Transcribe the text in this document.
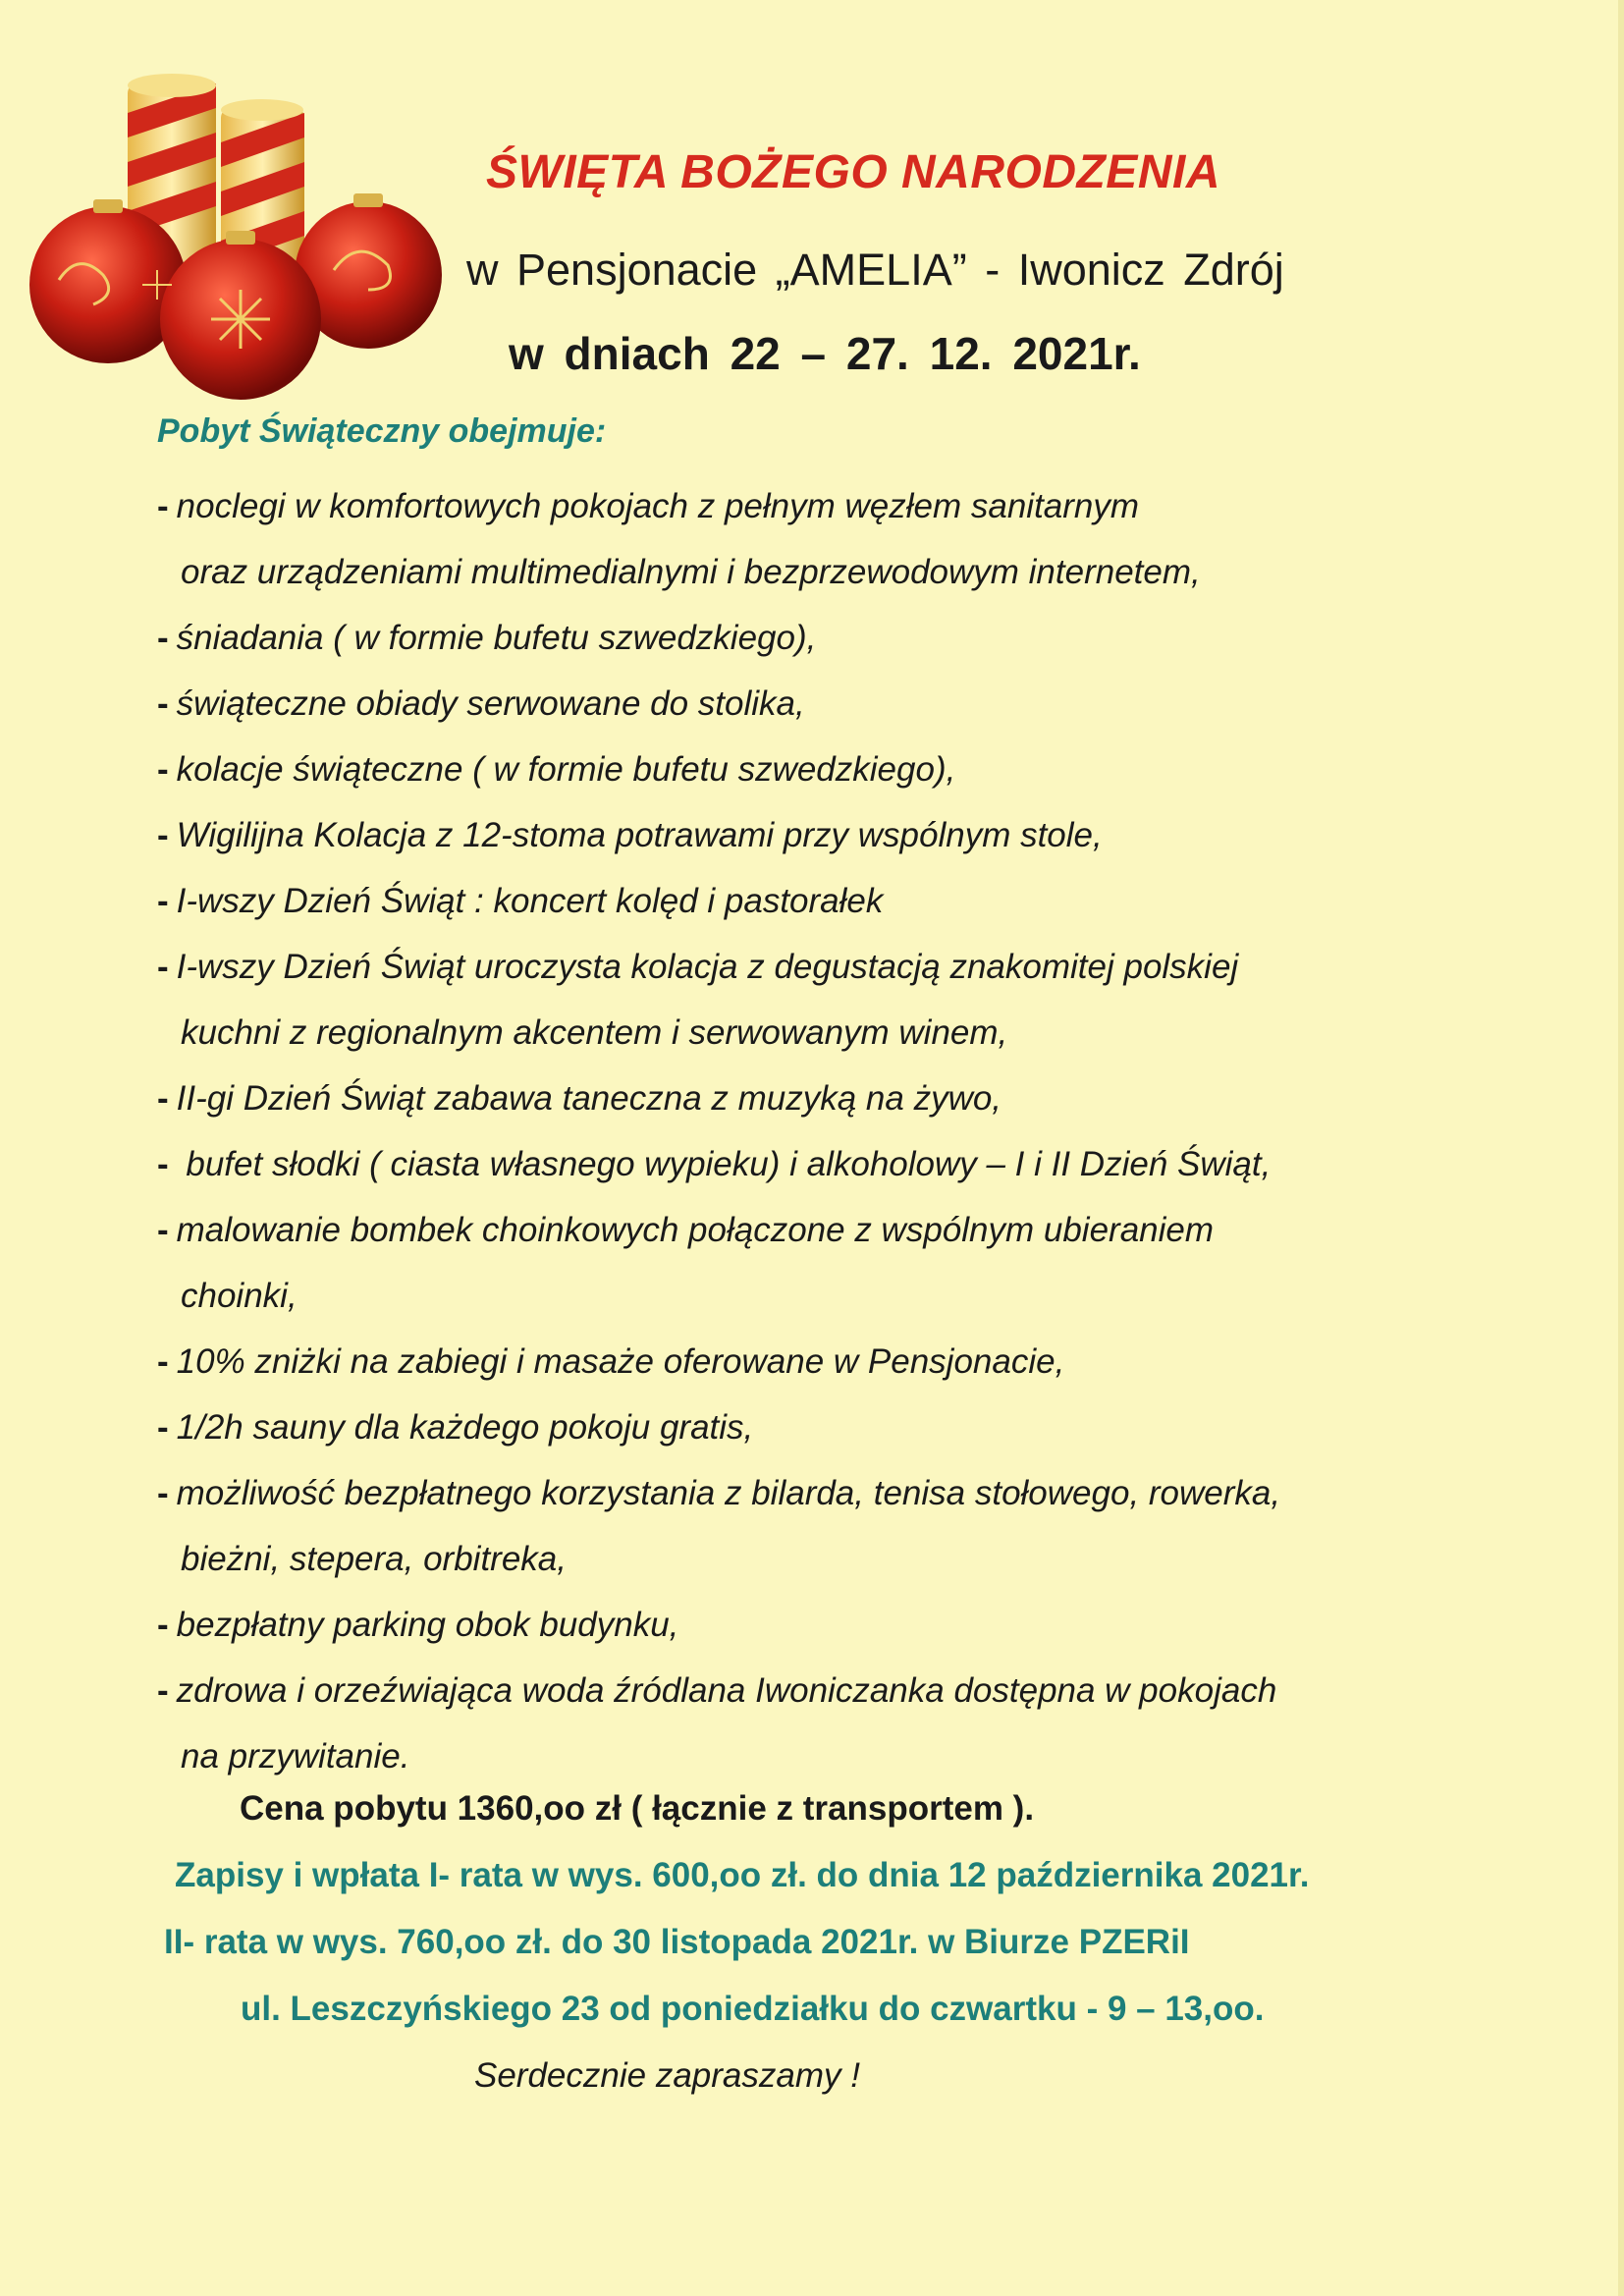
ŚWIĘTA BOŻEGO NARODZENIA
w Pensjonacie „AMELIA” - Iwonicz Zdrój
w dniach 22 – 27. 12. 2021r.
Pobyt Świąteczny obejmuje:
- noclegi w komfortowych pokojach z pełnym węzłem sanitarnym
oraz urządzeniami multimedialnymi i bezprzewodowym internetem,
- śniadania ( w formie bufetu szwedzkiego),
- świąteczne obiady serwowane do stolika,
- kolacje świąteczne ( w formie bufetu szwedzkiego),
- Wigilijna Kolacja z 12-stoma potrawami przy wspólnym stole,
- I-wszy Dzień Świąt : koncert kolęd i pastorałek
- I-wszy Dzień Świąt uroczysta kolacja z degustacją znakomitej polskiej
kuchni z regionalnym akcentem i serwowanym winem,
- II-gi Dzień Świąt zabawa taneczna z muzyką na żywo,
- bufet słodki ( ciasta własnego wypieku) i alkoholowy – I i II Dzień Świąt,
- malowanie bombek choinkowych połączone z wspólnym ubieraniem
choinki,
- 10% zniżki na zabiegi i masaże oferowane w Pensjonacie,
- 1/2h sauny dla każdego pokoju gratis,
- możliwość bezpłatnego korzystania z bilarda, tenisa stołowego, rowerka,
bieżni, stepera, orbitreka,
- bezpłatny parking obok budynku,
- zdrowa i orzeźwiająca woda źródlana Iwoniczanka dostępna w pokojach
na przywitanie.
Cena pobytu 1360,oo zł ( łącznie z transportem ).
Zapisy i wpłata I- rata w wys. 600,oo zł. do dnia 12 października 2021r.
II- rata w wys. 760,oo zł. do 30 listopada 2021r. w Biurze PZERiI
ul. Leszczyńskiego 23 od poniedziałku do czwartku - 9 – 13,oo.
Serdecznie zapraszamy !
